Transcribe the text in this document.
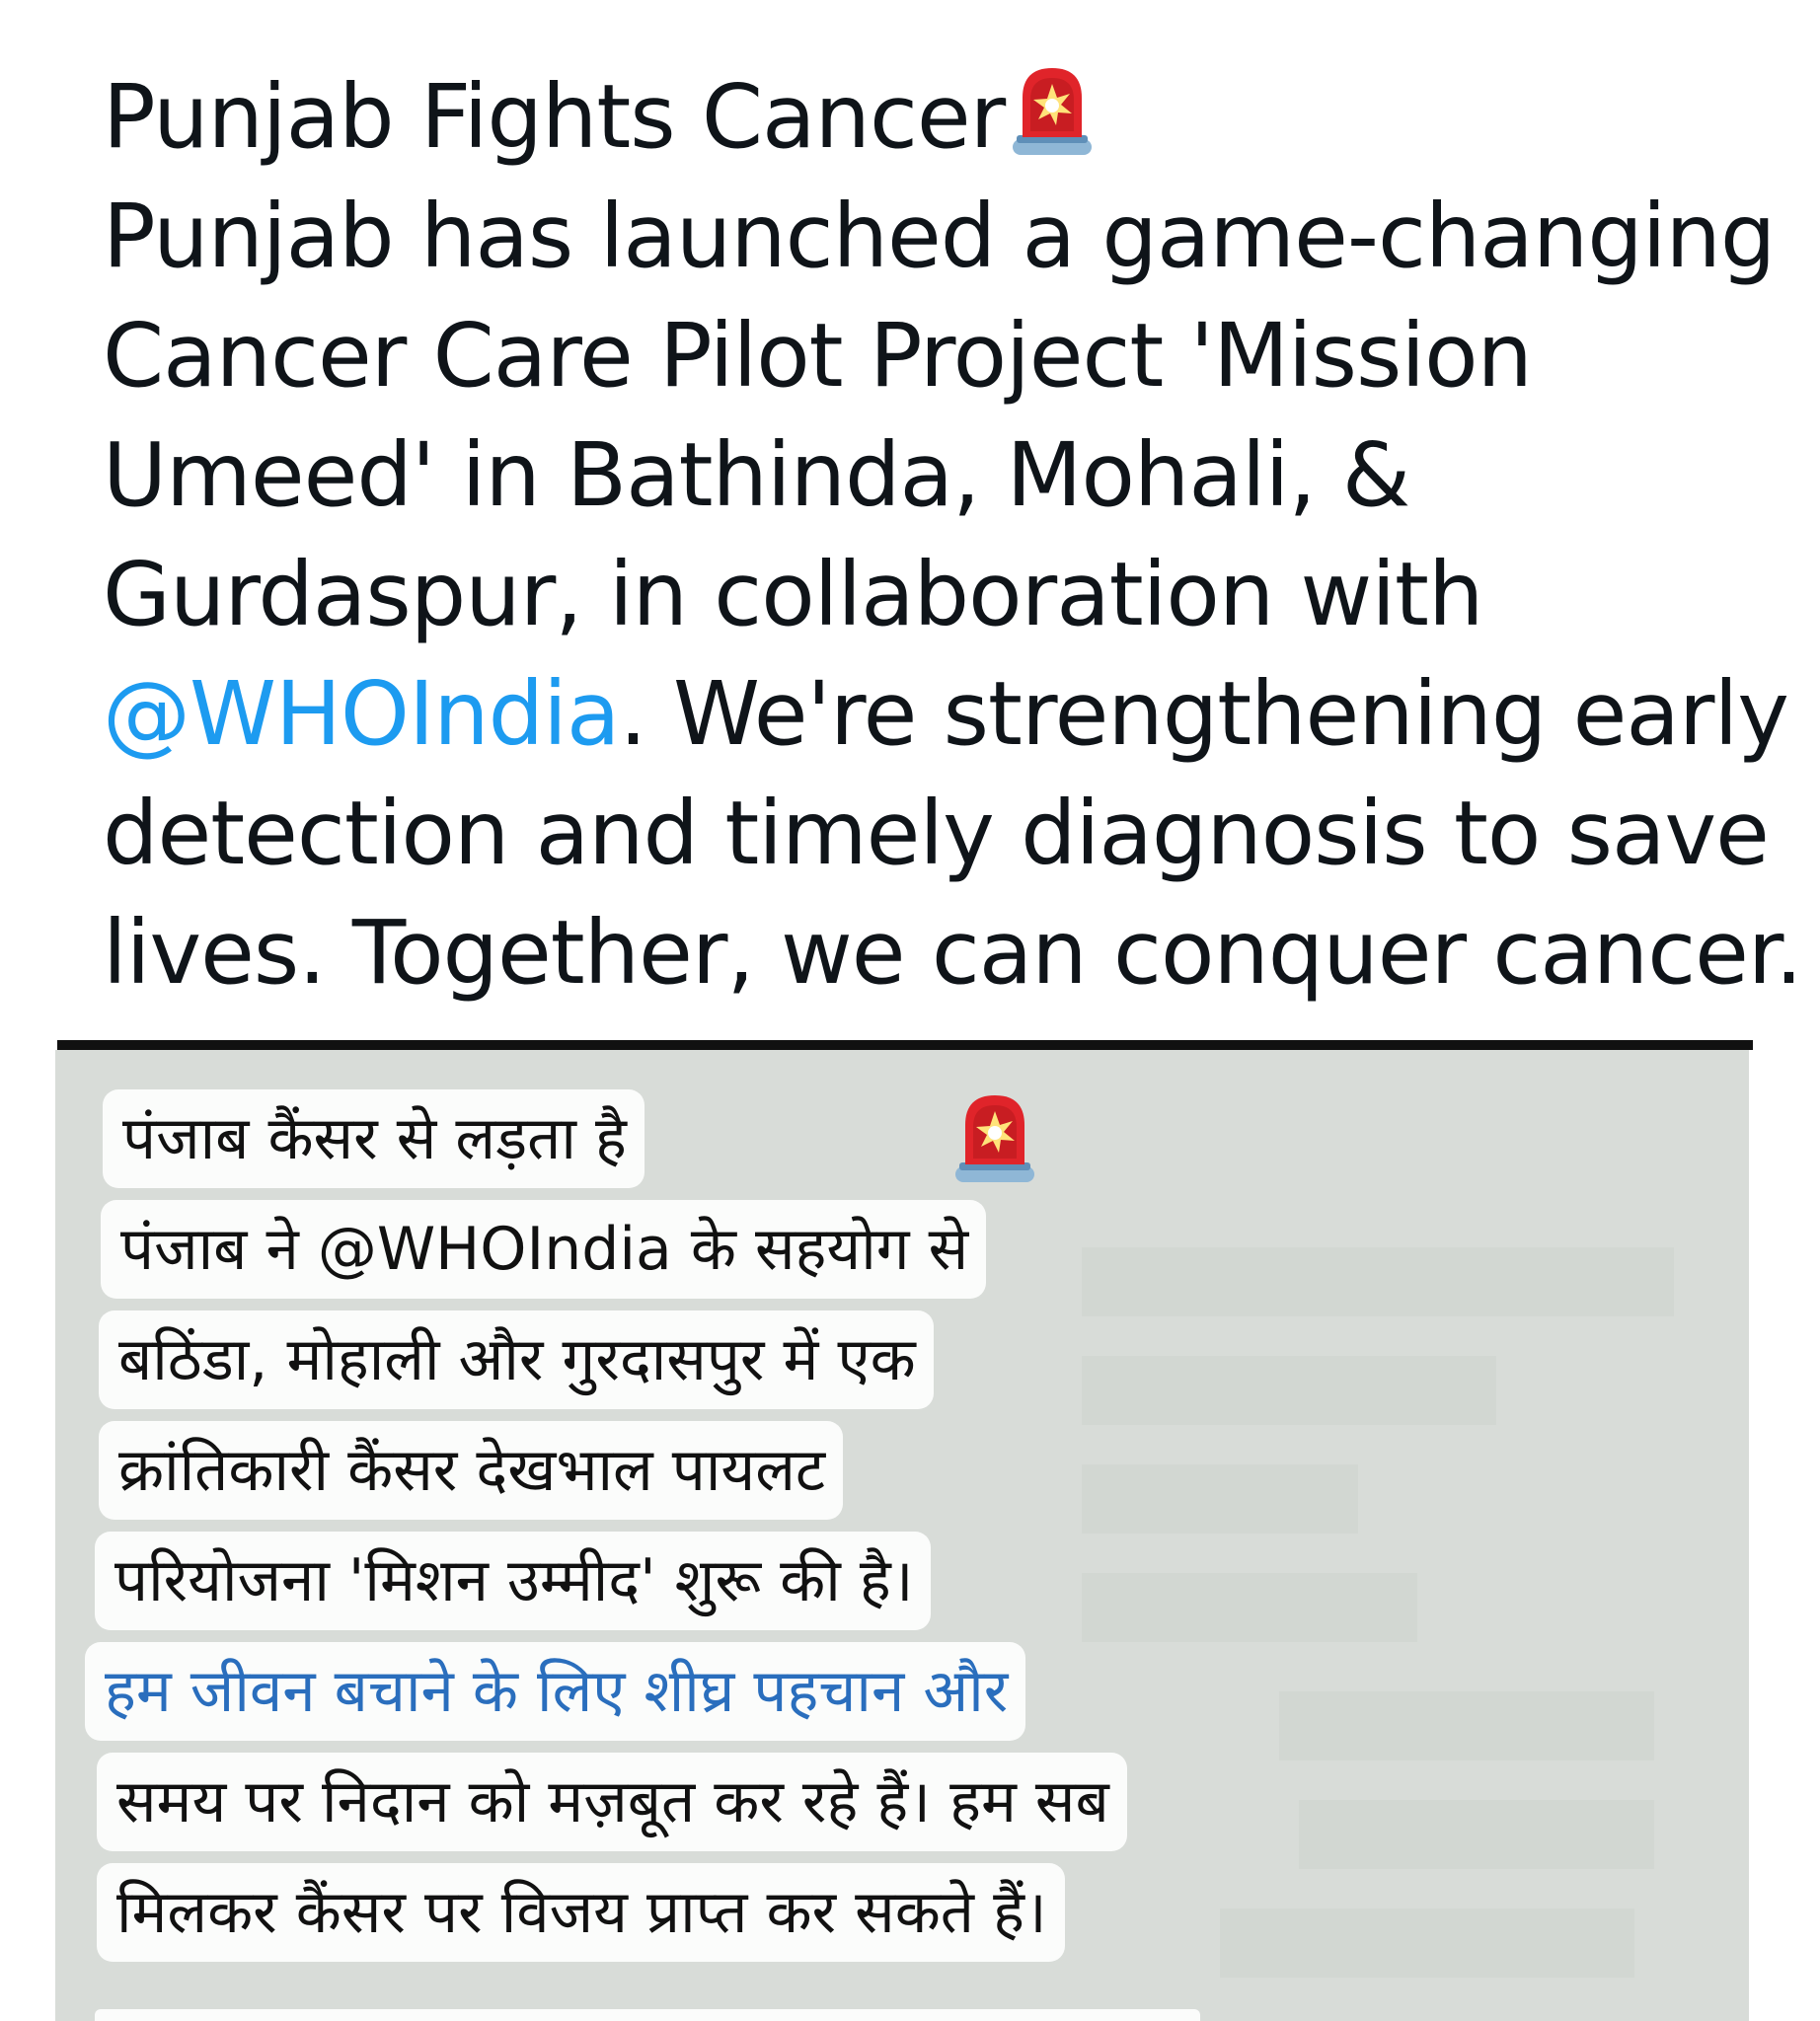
Punjab Fights Cancer
Punjab has launched a game-changing
Cancer Care Pilot Project 'Mission
Umeed' in Bathinda, Mohali, &
Gurdaspur, in collaboration with
@WHOIndia. We're strengthening early
detection and timely diagnosis to save
lives. Together, we can conquer cancer.
पंजाब कैंसर से लड़ता है
पंजाब ने @WHOIndia के सहयोग से
बठिंडा, मोहाली और गुरदासपुर में एक
क्रांतिकारी कैंसर देखभाल पायलट
परियोजना 'मिशन उम्मीद' शुरू की है।
हम जीवन बचाने के लिए शीघ्र पहचान और
समय पर निदान को मज़बूत कर रहे हैं। हम सब
मिलकर कैंसर पर विजय प्राप्त कर सकते हैं।
